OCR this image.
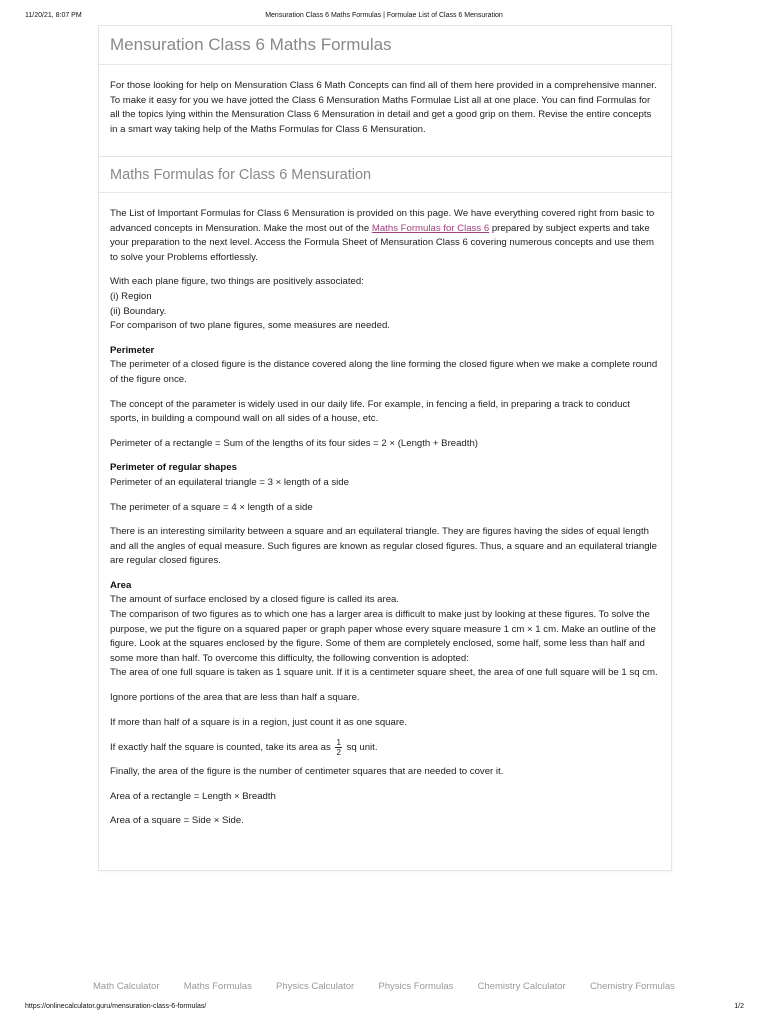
11/20/21, 8:07 PM	Mensuration Class 6 Maths Formulas | Formulae List of Class 6 Mensuration
Mensuration Class 6 Maths Formulas

For those looking for help on Mensuration Class 6 Math Concepts can find all of them here provided in a comprehensive manner. To make it easy for you we have jotted the Class 6 Mensuration Maths Formulae List all at one place. You can find Formulas for all the topics lying within the Mensuration Class 6 Mensuration in detail and get a good grip on them. Revise the entire concepts in a smart way taking help of the Maths Formulas for Class 6 Mensuration.

Maths Formulas for Class 6 Mensuration

The List of Important Formulas for Class 6 Mensuration is provided on this page. We have everything covered right from basic to advanced concepts in Mensuration. Make the most out of the Maths Formulas for Class 6 prepared by subject experts and take your preparation to the next level. Access the Formula Sheet of Mensuration Class 6 covering numerous concepts and use them to solve your Problems effortlessly.

With each plane figure, two things are positively associated:

(i) Region

(ii) Boundary.

For comparison of two plane figures, some measures are needed.

Perimeter

The perimeter of a closed figure is the distance covered along the line forming the closed figure when we make a complete round of the figure once.

The concept of the parameter is widely used in our daily life. For example, in fencing a field, in preparing a track to conduct sports, in building a compound wall on all sides of a house, etc.

Perimeter of a rectangle = Sum of the lengths of its four sides = 2 × (Length + Breadth)

Perimeter of regular shapes

Perimeter of an equilateral triangle = 3 × length of a side

The perimeter of a square = 4 × length of a side

There is an interesting similarity between a square and an equilateral triangle. They are figures having the sides of equal length and all the angles of equal measure. Such figures are known as regular closed figures. Thus, a square and an equilateral triangle are regular closed figures.

Area

The amount of surface enclosed by a closed figure is called its area.

The comparison of two figures as to which one has a larger area is difficult to make just by looking at these figures. To solve the purpose, we put the figure on a squared paper or graph paper whose every square measure 1 cm × 1 cm. Make an outline of the figure. Look at the squares enclosed by the figure. Some of them are completely enclosed, some half, some less than half and some more than half. To overcome this difficulty, the following convention is adopted:

The area of one full square is taken as 1 square unit. If it is a centimeter square sheet, the area of one full square will be 1 sq cm.

Ignore portions of the area that are less than half a square.

If more than half of a square is in a region, just count it as one square.

If exactly half the square is counted, take its area as $\frac{1}{2}$ sq unit.

Finally, the area of the figure is the number of centimeter squares that are needed to cover it.

Area of a rectangle = Length × Breadth

Area of a square = Side × Side.

Math Calculator	Maths Formulas	Physics Calculator	Physics Formulas	Chemistry Calculator	Chemistry Formulas
https://onlinecalculator.guru/mensuration-class-6-formulas/	1/2
